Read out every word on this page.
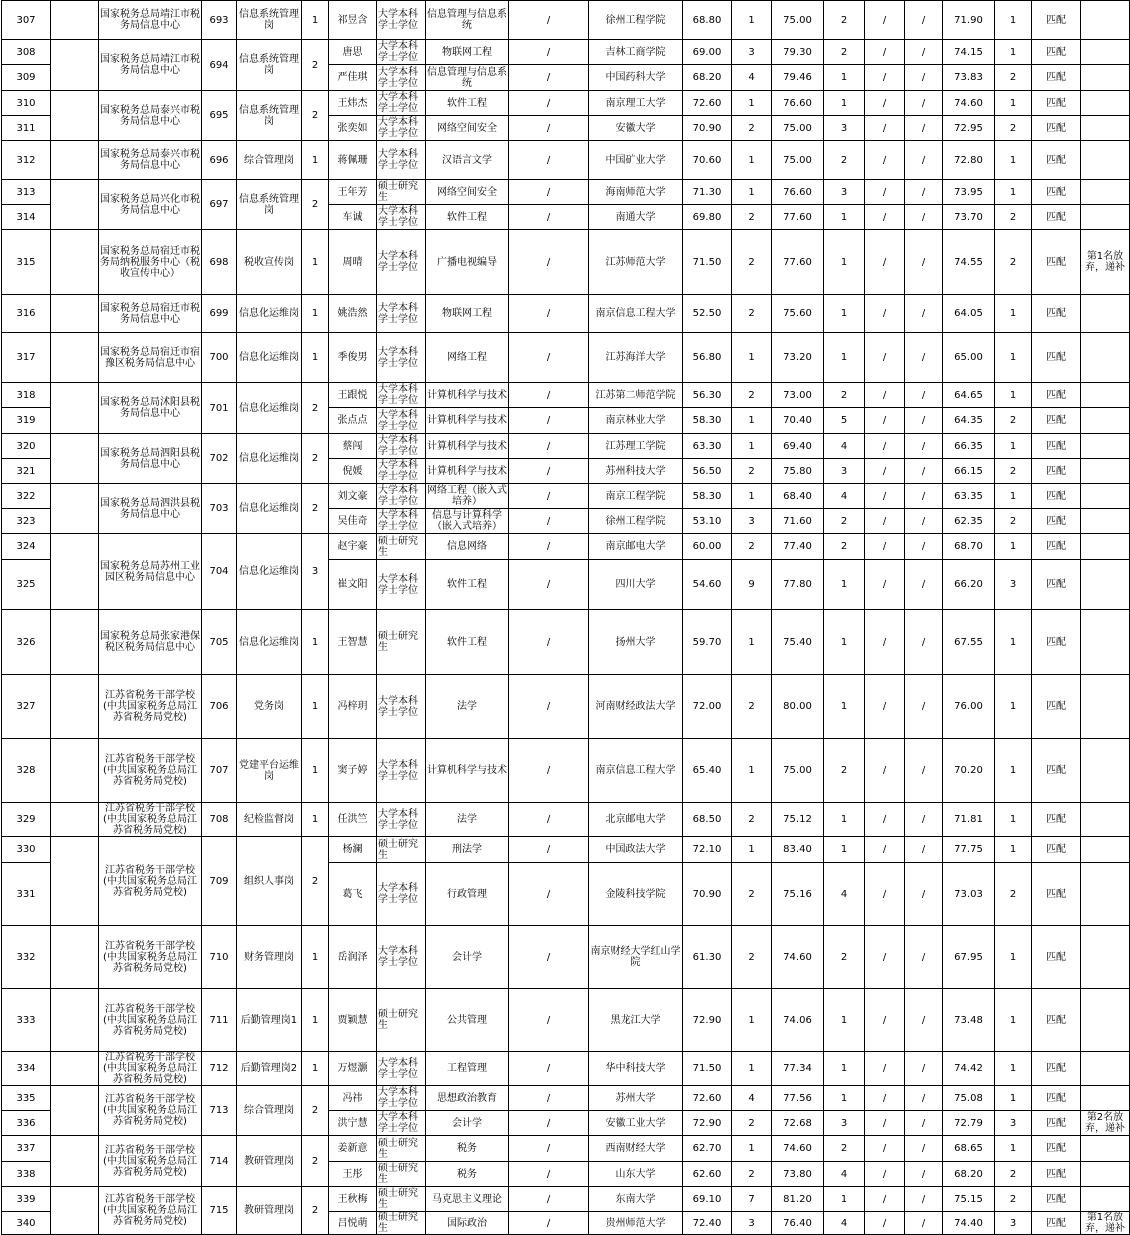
307		国家税务总局靖江市税务局信息中心	693	信息系统管理岗	1	祁昱含	大学本科学士学位	信息管理与信息系统	/	徐州工程学院	68.80	1	75.00	2	/	/	71.90	1	匹配	
308		国家税务总局靖江市税务局信息中心	694	信息系统管理岗	2	唐思	大学本科学士学位	物联网工程	/	吉林工商学院	69.00	3	79.30	2	/	/	74.15	1	匹配	
309						严佳琪	大学本科学士学位	信息管理与信息系统	/	中国药科大学	68.20	4	79.46	1	/	/	73.83	2	匹配	
310		国家税务总局泰兴市税务局信息中心	695	信息系统管理岗	2	王炜杰	大学本科学士学位	软件工程	/	南京理工大学	72.60	1	76.60	1	/	/	74.60	1	匹配	
311						张奕如	大学本科学士学位	网络空间安全	/	安徽大学	70.90	2	75.00	3	/	/	72.95	2	匹配	
312		国家税务总局泰兴市税务局信息中心	696	综合管理岗	1	蒋佩珊	大学本科学士学位	汉语言文学	/	中国矿业大学	70.60	1	75.00	2	/	/	72.80	1	匹配	
313		国家税务总局兴化市税务局信息中心	697	信息系统管理岗	2	王年芳	硕士研究生	网络空间安全	/	海南师范大学	71.30	1	76.60	3	/	/	73.95	1	匹配	
314						车诚	大学本科学士学位	软件工程	/	南通大学	69.80	2	77.60	1	/	/	73.70	2	匹配	
315		国家税务总局宿迁市税务局纳税服务中心（税收宣传中心）	698	税收宣传岗	1	周晴	大学本科学士学位	广播电视编导	/	江苏师范大学	71.50	2	77.60	1	/	/	74.55	2	匹配	第1名放弃，递补
316		国家税务总局宿迁市税务局信息中心	699	信息化运维岗	1	姚浩然	大学本科学士学位	物联网工程	/	南京信息工程大学	52.50	2	75.60	1	/	/	64.05	1	匹配	
317		国家税务总局宿迁市宿豫区税务局信息中心	700	信息化运维岗	1	季俊男	大学本科学士学位	网络工程	/	江苏海洋大学	56.80	1	73.20	1	/	/	65.00	1	匹配	
318		国家税务总局沭阳县税务局信息中心	701	信息化运维岗	2	王跟悦	大学本科学士学位	计算机科学与技术	/	江苏第二师范学院	56.30	2	73.00	2	/	/	64.65	1	匹配	
319						张点点	大学本科学士学位	计算机科学与技术	/	南京林业大学	58.30	1	70.40	5	/	/	64.35	2	匹配	
320		国家税务总局泗阳县税务局信息中心	702	信息化运维岗	2	蔡闯	大学本科学士学位	计算机科学与技术	/	江苏理工学院	63.30	1	69.40	4	/	/	66.35	1	匹配	
321						倪媛	大学本科学士学位	计算机科学与技术	/	苏州科技大学	56.50	2	75.80	3	/	/	66.15	2	匹配	
322		国家税务总局泗洪县税务局信息中心	703	信息化运维岗	2	刘文豪	大学本科学士学位	网络工程（嵌入式培养）	/	南京工程学院	58.30	1	68.40	4	/	/	63.35	1	匹配	
323						吴佳奇	大学本科学士学位	信息与计算科学（嵌入式培养）	/	徐州工程学院	53.10	3	71.60	2	/	/	62.35	2	匹配	
324		国家税务总局苏州工业园区税务局信息中心	704	信息化运维岗	3	赵宇豪	硕士研究生	信息网络	/	南京邮电大学	60.00	2	77.40	2	/	/	68.70	1	匹配	
325						崔文阳	大学本科学士学位	软件工程	/	四川大学	54.60	9	77.80	1	/	/	66.20	3	匹配	
326		国家税务总局张家港保税区税务局信息中心	705	信息化运维岗	1	王智慧	硕士研究生	软件工程	/	扬州大学	59.70	1	75.40	1	/	/	67.55	1	匹配	
327		江苏省税务干部学校(中共国家税务总局江苏省税务局党校)	706	党务岗	1	冯梓玥	大学本科学士学位	法学	/	河南财经政法大学	72.00	2	80.00	1	/	/	76.00	1	匹配	
328		江苏省税务干部学校(中共国家税务总局江苏省税务局党校)	707	党建平台运维岗	1	窦子婷	大学本科学士学位	计算机科学与技术	/	南京信息工程大学	65.40	1	75.00	2	/	/	70.20	1	匹配	
329		江苏省税务干部学校(中共国家税务总局江苏省税务局党校)	708	纪检监督岗	1	任洪竺	大学本科学士学位	法学	/	北京邮电大学	68.50	2	75.12	1	/	/	71.81	1	匹配	
330		江苏省税务干部学校(中共国家税务总局江苏省税务局党校)	709	组织人事岗	2	杨澜	硕士研究生	刑法学	/	中国政法大学	72.10	1	83.40	1	/	/	77.75	1	匹配	
331						葛飞	大学本科学士学位	行政管理	/	金陵科技学院	70.90	2	75.16	4	/	/	73.03	2	匹配	
332		江苏省税务干部学校(中共国家税务总局江苏省税务局党校)	710	财务管理岗	1	岳润泽	大学本科学士学位	会计学	/	南京财经大学红山学院	61.30	2	74.60	2	/	/	67.95	1	匹配	
333		江苏省税务干部学校(中共国家税务总局江苏省税务局党校)	711	后勤管理岗1	1	贾颖慧	硕士研究生	公共管理	/	黑龙江大学	72.90	1	74.06	1	/	/	73.48	1	匹配	
334		江苏省税务干部学校(中共国家税务总局江苏省税务局党校)	712	后勤管理岗2	1	万煜灏	大学本科学士学位	工程管理	/	华中科技大学	71.50	1	77.34	1	/	/	74.42	1	匹配	
335		江苏省税务干部学校(中共国家税务总局江苏省税务局党校)	713	综合管理岗	2	冯祎	大学本科学士学位	思想政治教育	/	苏州大学	72.60	4	77.56	1	/	/	75.08	1	匹配	
336						洪宁慧	大学本科学士学位	会计学	/	安徽工业大学	72.90	2	72.68	3	/	/	72.79	3	匹配	第2名放弃，递补
337		江苏省税务干部学校(中共国家税务总局江苏省税务局党校)	714	教研管理岗	2	姜新意	硕士研究生	税务	/	西南财经大学	62.70	1	74.60	2	/	/	68.65	1	匹配	
338						王彤	硕士研究生	税务	/	山东大学	62.60	2	73.80	4	/	/	68.20	2	匹配	
339		江苏省税务干部学校(中共国家税务总局江苏省税务局党校)	715	教研管理岗	2	王秋梅	硕士研究生	马克思主义理论	/	东南大学	69.10	7	81.20	1	/	/	75.15	2	匹配	
340						吕悦萌	硕士研究生	国际政治	/	贵州师范大学	72.40	3	76.40	4	/	/	74.40	3	匹配	第1名放弃，递补
